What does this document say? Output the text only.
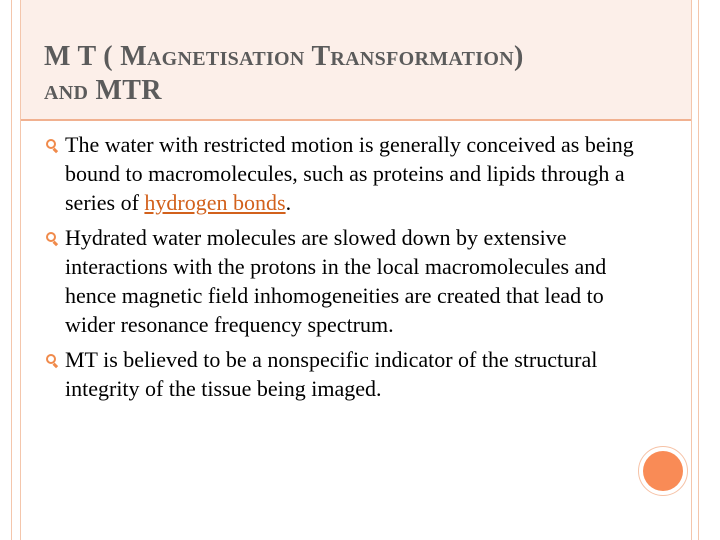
M T ( Magnetisation Transformation)
and MTR
The water with restricted motion is generally conceived as being bound to macromolecules, such as proteins and lipids through a series of hydrogen bonds.
Hydrated water molecules are slowed down by extensive interactions with the protons in the local macromolecules and hence magnetic field inhomogeneities are created that lead to wider resonance frequency spectrum.
MT is believed to be a nonspecific indicator of the structural integrity of the tissue being imaged.
